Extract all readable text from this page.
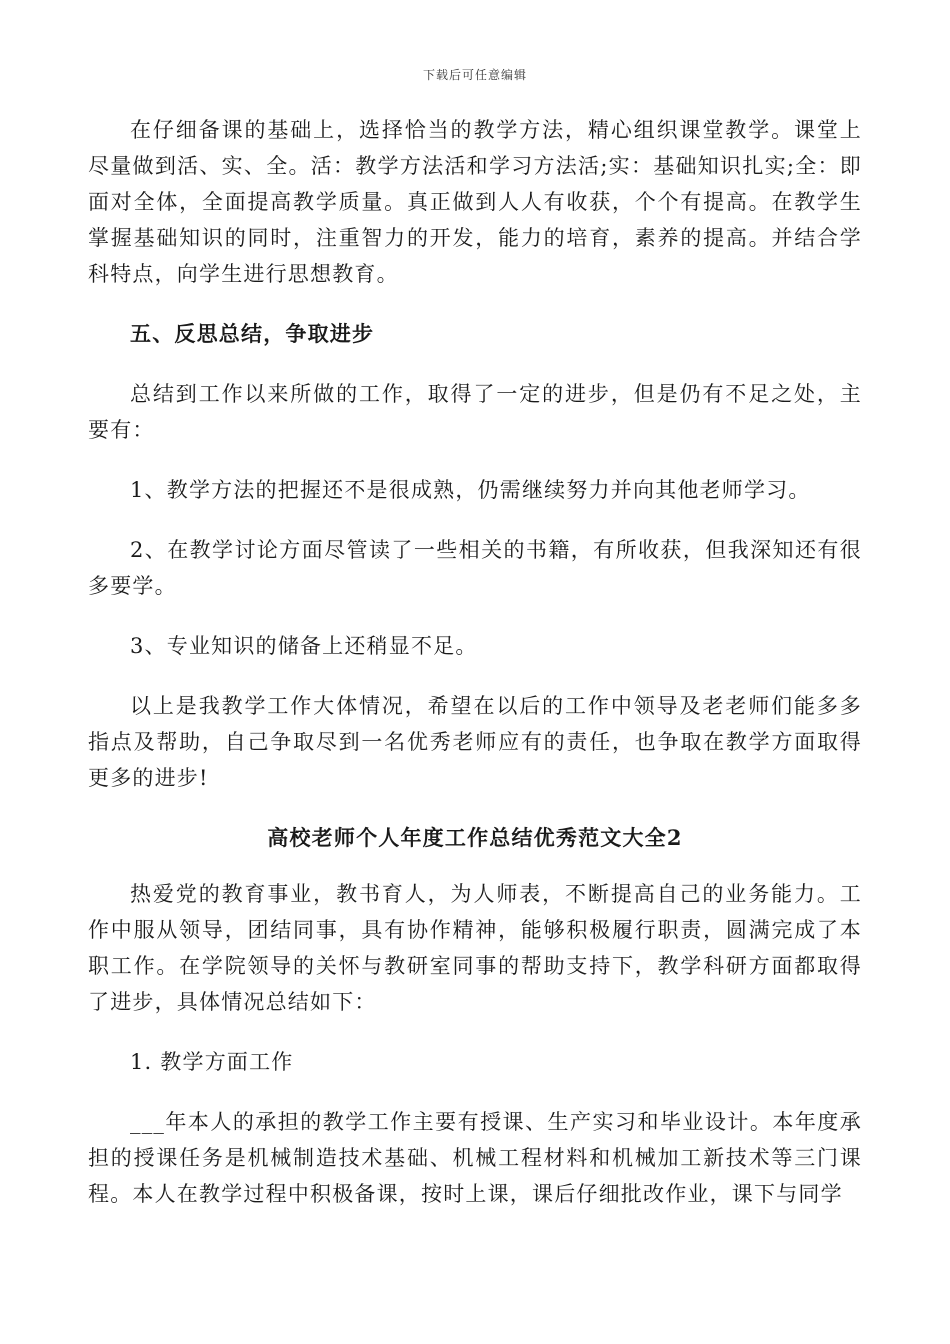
下载后可任意编辑

在仔细备课的基础上，选择恰当的教学方法，精心组织课堂教学。课堂上尽量做到活、实、全。活：教学方法活和学习方法活;实：基础知识扎实;全：即面对全体，全面提高教学质量。真正做到人人有收获，个个有提高。在教学生掌握基础知识的同时，注重智力的开发，能力的培育，素养的提高。并结合学科特点，向学生进行思想教育。

五、反思总结，争取进步

总结到工作以来所做的工作，取得了一定的进步，但是仍有不足之处，主要有：

1、教学方法的把握还不是很成熟，仍需继续努力并向其他老师学习。

2、在教学讨论方面尽管读了一些相关的书籍，有所收获，但我深知还有很多要学。

3、专业知识的储备上还稍显不足。

以上是我教学工作大体情况，希望在以后的工作中领导及老老师们能多多指点及帮助，自己争取尽到一名优秀老师应有的责任，也争取在教学方面取得更多的进步!

高校老师个人年度工作总结优秀范文大全2

热爱党的教育事业，教书育人，为人师表，不断提高自己的业务能力。工作中服从领导，团结同事，具有协作精神，能够积极履行职责，圆满完成了本职工作。在学院领导的关怀与教研室同事的帮助支持下，教学科研方面都取得了进步，具体情况总结如下：

1. 教学方面工作

___年本人的承担的教学工作主要有授课、生产实习和毕业设计。本年度承担的授课任务是机械制造技术基础、机械工程材料和机械加工新技术等三门课程。本人在教学过程中积极备课，按时上课，课后仔细批改作业，课下与同学
